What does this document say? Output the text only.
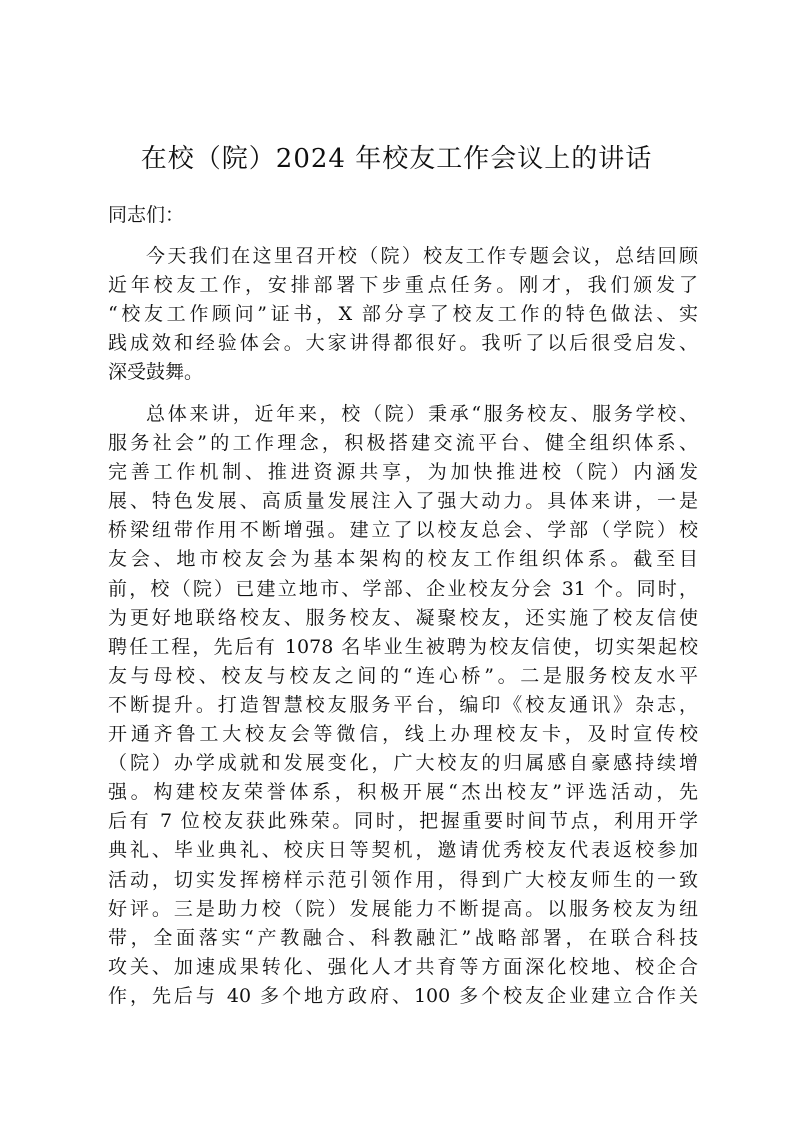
在校（院）2024 年校友工作会议上的讲话
同志们：
今天我们在这里召开校（院）校友工作专题会议，总结回顾
近年校友工作，安排部署下步重点任务。刚才，我们颁发了
“校友工作顾问”证书，X 部分享了校友工作的特色做法、实
践成效和经验体会。大家讲得都很好。我听了以后很受启发、
深受鼓舞。
总体来讲，近年来，校（院）秉承“服务校友、服务学校、
服务社会”的工作理念，积极搭建交流平台、健全组织体系、
完善工作机制、推进资源共享，为加快推进校（院）内涵发
展、特色发展、高质量发展注入了强大动力。具体来讲，一是
桥梁纽带作用不断增强。建立了以校友总会、学部（学院）校
友会、地市校友会为基本架构的校友工作组织体系。截至目
前，校（院）已建立地市、学部、企业校友分会 31 个。同时，
为更好地联络校友、服务校友、凝聚校友，还实施了校友信使
聘任工程，先后有 1078 名毕业生被聘为校友信使，切实架起校
友与母校、校友与校友之间的“连心桥”。二是服务校友水平
不断提升。打造智慧校友服务平台，编印《校友通讯》杂志，
开通齐鲁工大校友会等微信，线上办理校友卡，及时宣传校
（院）办学成就和发展变化，广大校友的归属感自豪感持续增
强。构建校友荣誉体系，积极开展“杰出校友”评选活动，先
后有 7 位校友获此殊荣。同时，把握重要时间节点，利用开学
典礼、毕业典礼、校庆日等契机，邀请优秀校友代表返校参加
活动，切实发挥榜样示范引领作用，得到广大校友师生的一致
好评。三是助力校（院）发展能力不断提高。以服务校友为纽
带，全面落实“产教融合、科教融汇”战略部署，在联合科技
攻关、加速成果转化、强化人才共育等方面深化校地、校企合
作，先后与 40 多个地方政府、100 多个校友企业建立合作关
